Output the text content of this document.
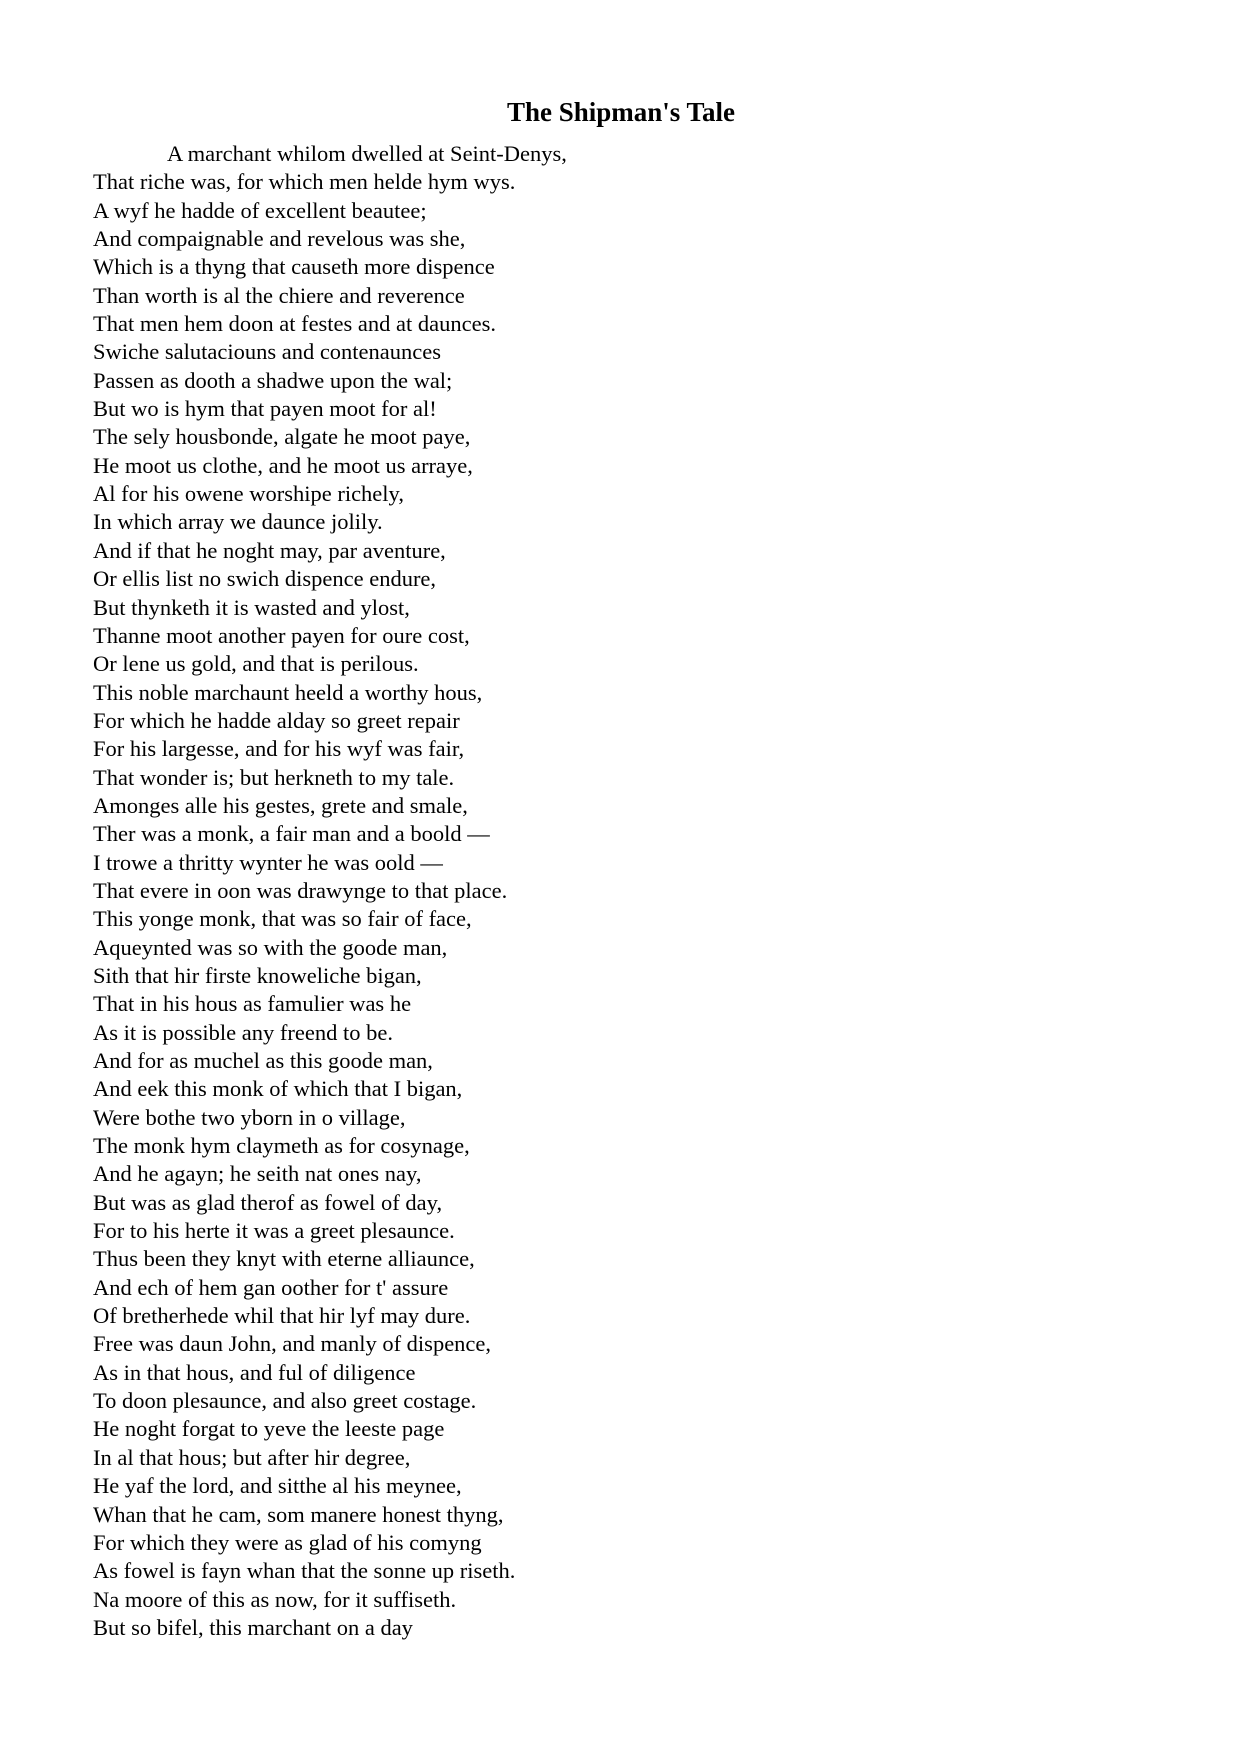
The Shipman's Tale
A marchant whilom dwelled at Seint-Denys,
That riche was, for which men helde hym wys.
A wyf he hadde of excellent beautee;
And compaignable and revelous was she,
Which is a thyng that causeth more dispence
Than worth is al the chiere and reverence
That men hem doon at festes and at daunces.
Swiche salutaciouns and contenaunces
Passen as dooth a shadwe upon the wal;
But wo is hym that payen moot for al!
The sely housbonde, algate he moot paye,
He moot us clothe, and he moot us arraye,
Al for his owene worshipe richely,
In which array we daunce jolily.
And if that he noght may, par aventure,
Or ellis list no swich dispence endure,
But thynketh it is wasted and ylost,
Thanne moot another payen for oure cost,
Or lene us gold, and that is perilous.
This noble marchaunt heeld a worthy hous,
For which he hadde alday so greet repair
For his largesse, and for his wyf was fair,
That wonder is; but herkneth to my tale.
Amonges alle his gestes, grete and smale,
Ther was a monk, a fair man and a boold —
I trowe a thritty wynter he was oold —
That evere in oon was drawynge to that place.
This yonge monk, that was so fair of face,
Aqueynted was so with the goode man,
Sith that hir firste knoweliche bigan,
That in his hous as famulier was he
As it is possible any freend to be.
And for as muchel as this goode man,
And eek this monk of which that I bigan,
Were bothe two yborn in o village,
The monk hym claymeth as for cosynage,
And he agayn; he seith nat ones nay,
But was as glad therof as fowel of day,
For to his herte it was a greet plesaunce.
Thus been they knyt with eterne alliaunce,
And ech of hem gan oother for t' assure
Of bretherhede whil that hir lyf may dure.
Free was daun John, and manly of dispence,
As in that hous, and ful of diligence
To doon plesaunce, and also greet costage.
He noght forgat to yeve the leeste page
In al that hous; but after hir degree,
He yaf the lord, and sitthe al his meynee,
Whan that he cam, som manere honest thyng,
For which they were as glad of his comyng
As fowel is fayn whan that the sonne up riseth.
Na moore of this as now, for it suffiseth.
But so bifel, this marchant on a day
